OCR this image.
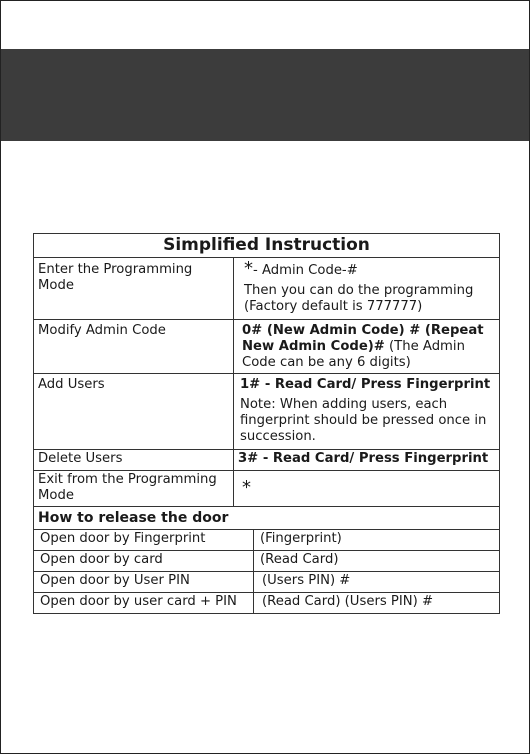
Simplified Instruction		
Enter the Programming Mode	*- Admin Code-#
Then you can do the programming
(Factory default is 777777)	

Modify Admin Code	0# (New Admin Code) # (Repeat New Admin Code)# (The Admin Code can be any 6 digits)	
Add Users	1# - Read Card/ Press Fingerprint
Note: When adding users, each fingerprint should be pressed once in succession.	

Delete Users	3# - Read Card/ Press Fingerprint	
Exit from the Programming Mode	*	
How to release the door		
Open door by Fingerprint		(Fingerprint)
Open door by card		(Read Card)
Open door by User PIN		(Users PIN) #
Open door by user card + PIN		(Read Card) (Users PIN) #
